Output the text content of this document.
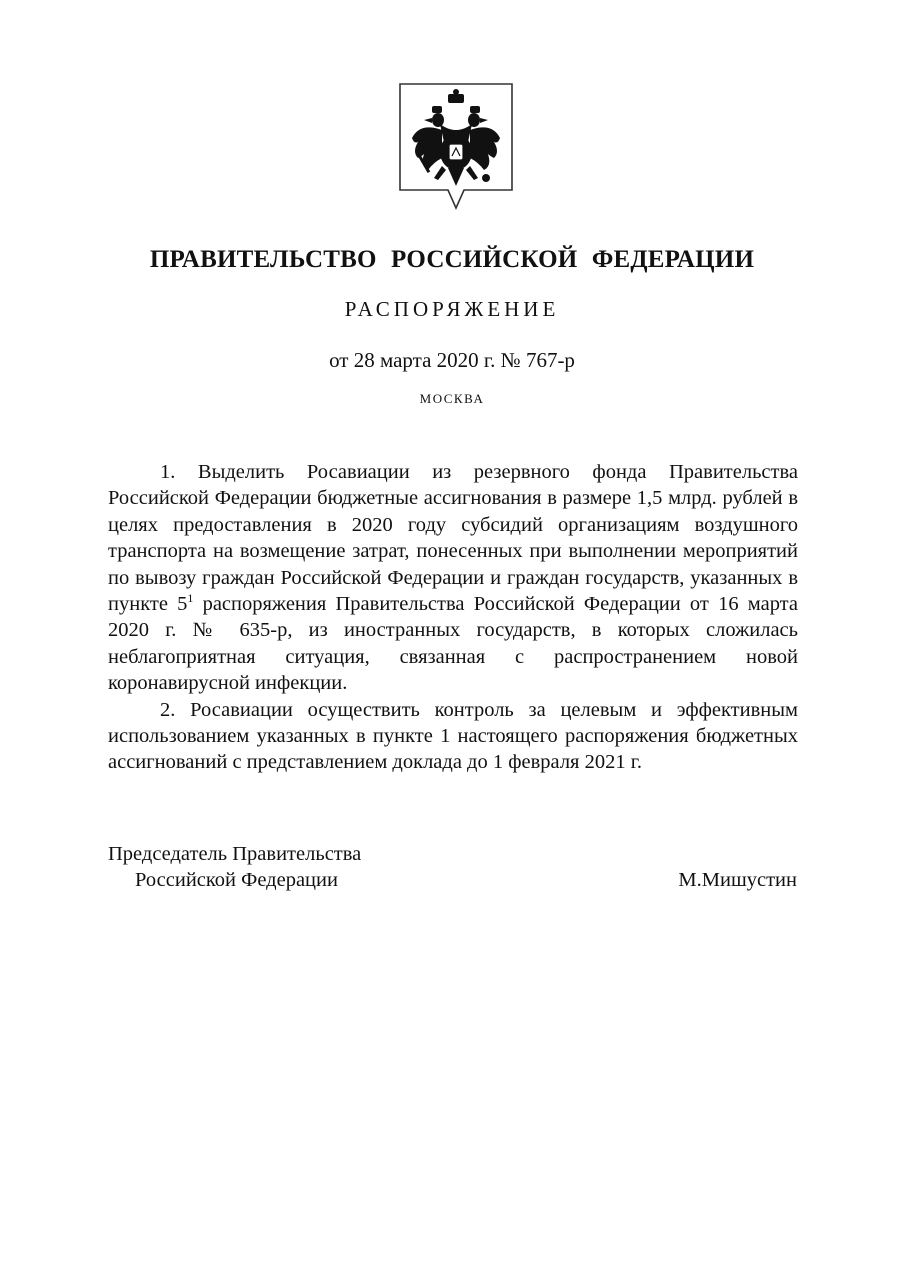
ПРАВИТЕЛЬСТВО РОССИЙСКОЙ ФЕДЕРАЦИИ
РАСПОРЯЖЕНИЕ
от 28 марта 2020 г. № 767-р
МОСКВА

1. Выделить Росавиации из резервного фонда Правительства Российской Федерации бюджетные ассигнования в размере 1,5 млрд. рублей в целях предоставления в 2020 году субсидий организациям воздушного транспорта на возмещение затрат, понесенных при выполнении мероприятий по вывозу граждан Российской Федерации и граждан государств, указанных в пункте $5^1$ распоряжения Правительства Российской Федерации от 16 марта 2020 г. № 635-р, из иностранных государств, в которых сложилась неблагоприятная ситуация, связанная с распространением новой коронавирусной инфекции.

2. Росавиации осуществить контроль за целевым и эффективным использованием указанных в пункте 1 настоящего распоряжения бюджетных ассигнований с представлением доклада до 1 февраля 2021 г.

Председатель Правительства
Российской Федерации	М.Мишустин
